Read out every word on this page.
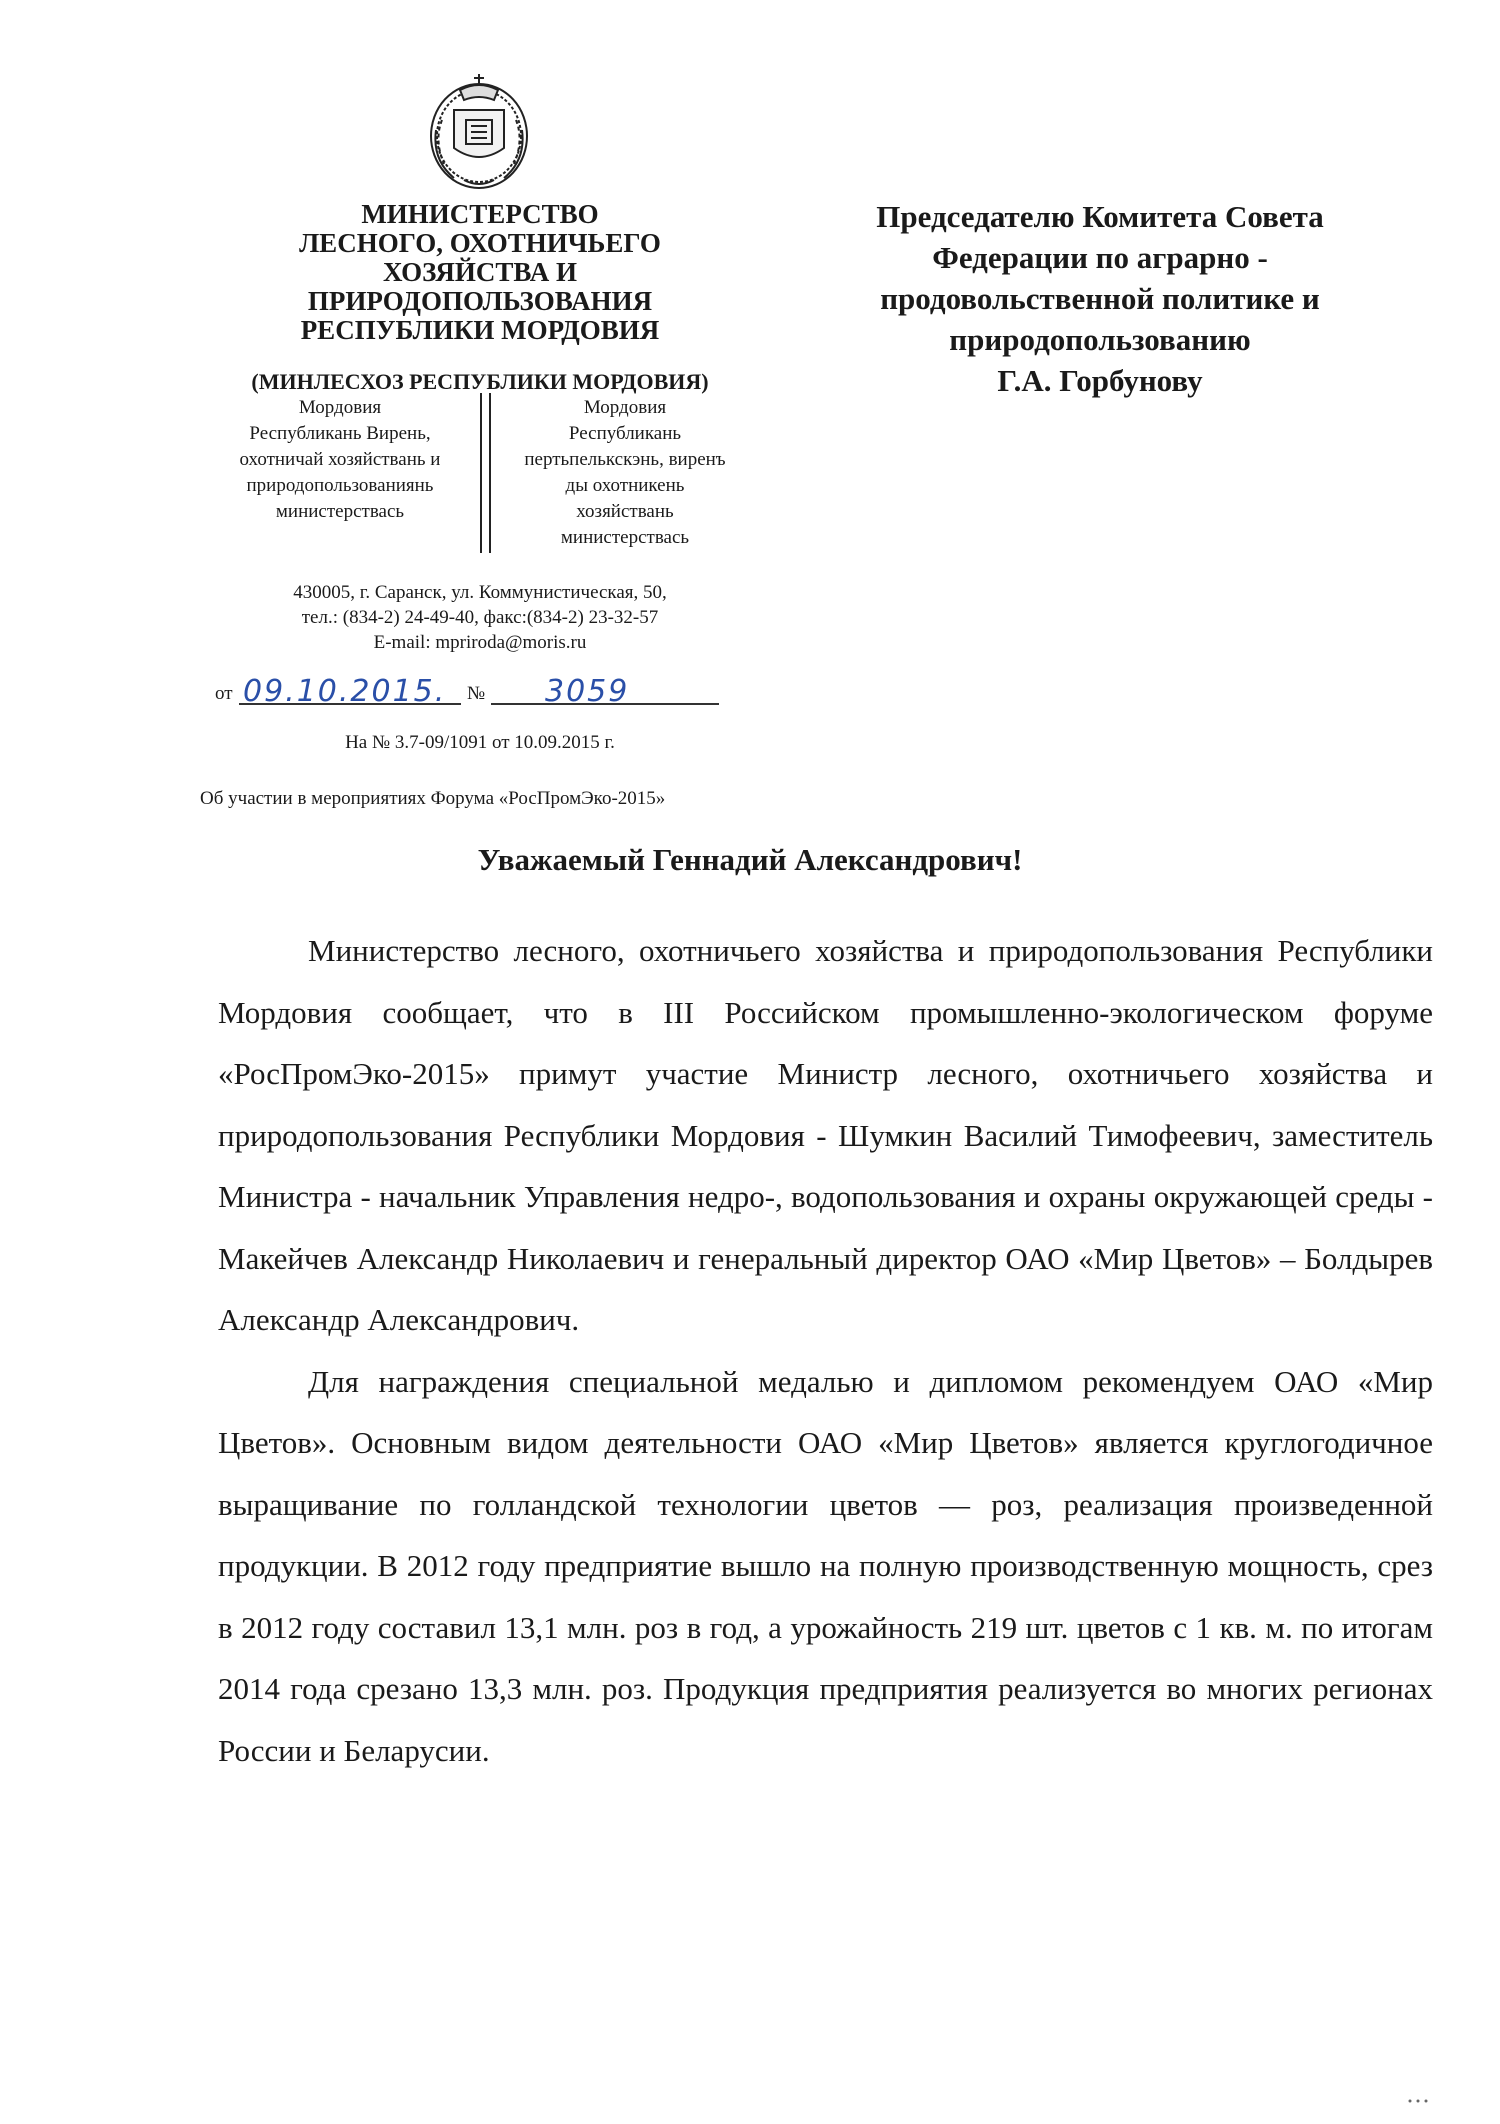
МИНИСТЕРСТВО
ЛЕСНОГО, ОХОТНИЧЬЕГО
ХОЗЯЙСТВА И
ПРИРОДОПОЛЬЗОВАНИЯ
РЕСПУБЛИКИ МОРДОВИЯ
(МИНЛЕСХОЗ РЕСПУБЛИКИ МОРДОВИЯ)
Мордовия
Республикань Вирень,
охотничай хозяйствань и
природопользованиянь
министерствась
Мордовия
Республикань
пертьпелькскэнь, виренъ
ды охотникень
хозяйствань
министерствась
430005, г. Саранск, ул. Коммунистическая, 50,
тел.: (834-2) 24-49-40, факс:(834-2) 23-32-57
E-mail: mpriroda@moris.ru
от 09.10.2015. № 3059
На № 3.7-09/1091 от 10.09.2015 г.
Об участии в мероприятиях Форума «РосПромЭко-2015»
Председателю Комитета Совета
Федерации по аграрно -
продовольственной политике и
природопользованию
Г.А. Горбунову
Уважаемый Геннадий Александрович!

Министерство лесного, охотничьего хозяйства и природопользования Республики Мордовия сообщает, что в III Российском промышленно-экологическом форуме «РосПромЭко-2015» примут участие Министр лесного, охотничьего хозяйства и природопользования Республики Мордовия - Шумкин Василий Тимофеевич, заместитель Министра - начальник Управления недро-, водопользования и охраны окружающей среды - Макейчев Александр Николаевич и генеральный директор ОАО «Мир Цветов» – Болдырев Александр Александрович.

Для награждения специальной медалью и дипломом рекомендуем ОАО «Мир Цветов». Основным видом деятельности ОАО «Мир Цветов» является круглогодичное выращивание по голландской технологии цветов — роз, реализация произведенной продукции. В 2012 году предприятие вышло на полную производственную мощность, срез в 2012 году составил 13,1 млн. роз в год, а урожайность 219 шт. цветов с 1 кв. м. по итогам 2014 года срезано 13,3 млн. роз. Продукция предприятия реализуется во многих регионах России и Беларусии.
